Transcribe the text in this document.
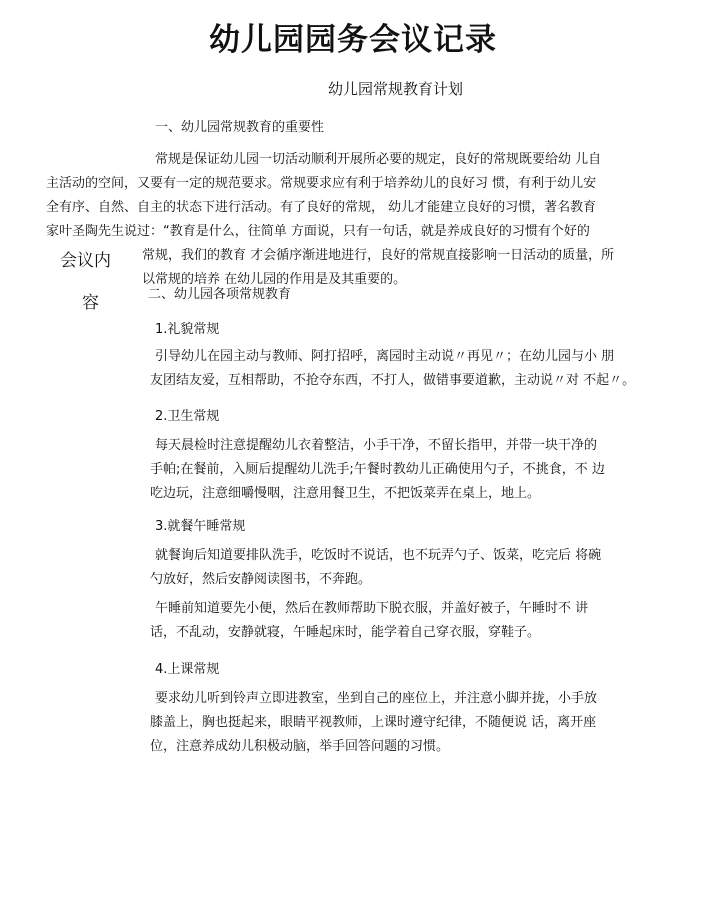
幼儿园园务会议记录
幼儿园常规教育计划
会议内
容
一、幼儿园常规教育的重要性
常规是保证幼儿园一切活动顺利开展所必要的规定，良好的常规既要给幼 儿自
主活动的空间，又要有一定的规范要求。常规要求应有利于培养幼儿的良好习 惯，有利于幼儿安
全有序、自然、自主的状态下进行活动。有了良好的常规， 幼儿才能建立良好的习惯，著名教育
家叶圣陶先生说过：“教育是什么，往简单 方面说，只有一句话，就是养成良好的习惯有个好的
常规，我们的教育 才会循序渐进地进行，良好的常规直接影响一日活动的质量，所
以常规的培养 在幼儿园的作用是及其重要的。
二、幼儿园各项常规教育
1.礼貌常规
引导幼儿在园主动与教师、阿打招呼，离园时主动说〃再见〃；在幼儿园与小 朋
友团结友爱，互相帮助，不抢夺东西，不打人，做错事要道歉，主动说〃对 不起〃。
2.卫生常规
每天晨检时注意提醒幼儿衣着整洁，小手干净，不留长指甲，并带一块干净的
手帕;在餐前，入厕后提醒幼儿洗手;午餐时教幼儿正确使用勺子，不挑食，不 边
吃边玩，注意细嚼慢咽，注意用餐卫生，不把饭菜弄在桌上，地上。
3.就餐午睡常规
就餐询后知道要排队洗手，吃饭时不说话，也不玩弄勺子、饭菜，吃完后 将碗
勺放好，然后安静阅读图书，不奔跑。
午睡前知道要先小便，然后在教师帮助下脱衣服，并盖好被子，午睡时不 讲
话，不乱动，安静就寝，午睡起床时，能学着自己穿衣服，穿鞋子。
4.上课常规
要求幼儿听到铃声立即进教室，坐到自己的座位上，并注意小脚并拢，小手放
膝盖上，胸也挺起来，眼睛平视教师，上课时遵守纪律，不随便说 话，离开座
位，注意养成幼儿积极动脑，举手回答问题的习惯。
